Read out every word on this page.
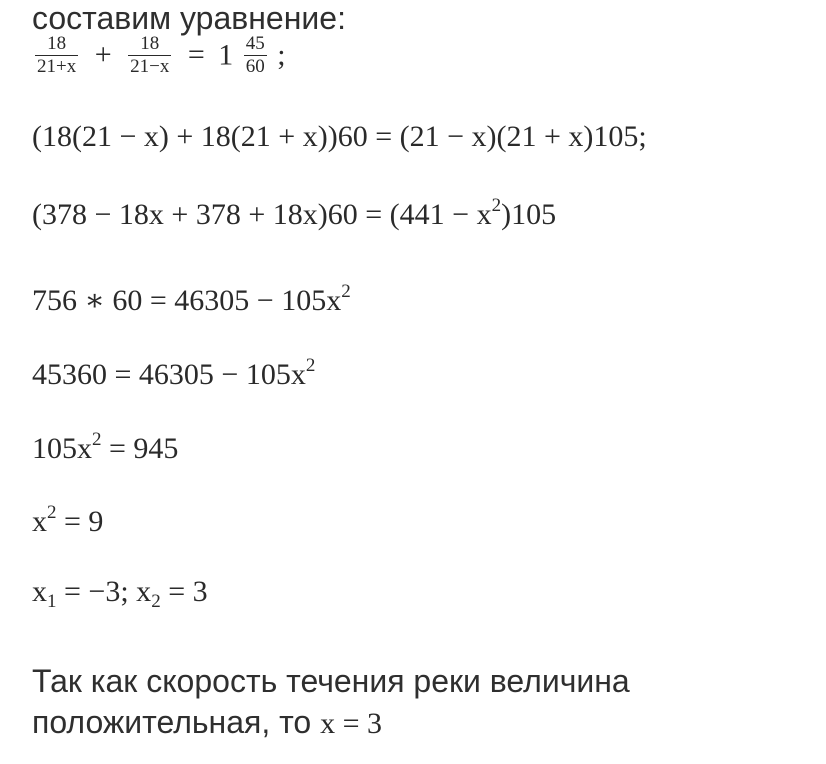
составим уравнение:
$\frac{18}{21+x} + \frac{18}{21-x} = 1 \frac{45}{60}$ ;
(18(21 − x) + 18(21 + x))60 = (21 − x)(21 + x)105;
$(378 - 18x + 378 + 18x)60 = (441 - x^2)105$
756 ∗ $60 = 46305 - 105x^2$
$45360 = 46305 - 105x^2$
$105x^2 = 945$
$x^2 = 9$
$x_1 = -3$; $x_2 = 3$
Так как скорость течения реки величина
положительная, то x = 3
